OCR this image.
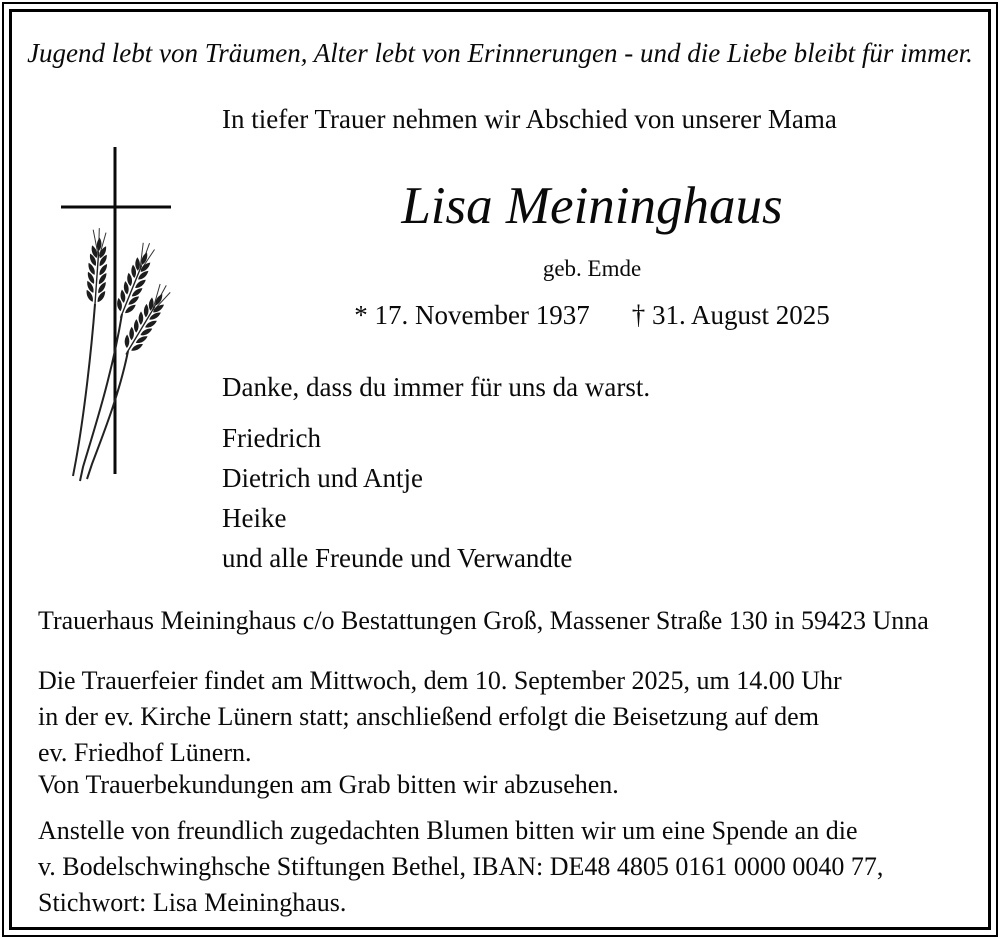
Jugend lebt von Träumen, Alter lebt von Erinnerungen - und die Liebe bleibt für immer.
In tiefer Trauer nehmen wir Abschied von unserer Mama
Lisa Meininghaus
geb. Emde
* 17. November 1937 † 31. August 2025
Danke, dass du immer für uns da warst.
Friedrich
Dietrich und Antje
Heike
und alle Freunde und Verwandte
Trauerhaus Meininghaus c/o Bestattungen Groß, Massener Straße 130 in 59423 Unna
Die Trauerfeier findet am Mittwoch, dem 10. September 2025, um 14.00 Uhr
in der ev. Kirche Lünern statt; anschließend erfolgt die Beisetzung auf dem
ev. Friedhof Lünern.
Von Trauerbekundungen am Grab bitten wir abzusehen.
Anstelle von freundlich zugedachten Blumen bitten wir um eine Spende an die
v. Bodelschwinghsche Stiftungen Bethel, IBAN: DE48 4805 0161 0000 0040 77,
Stichwort: Lisa Meininghaus.
